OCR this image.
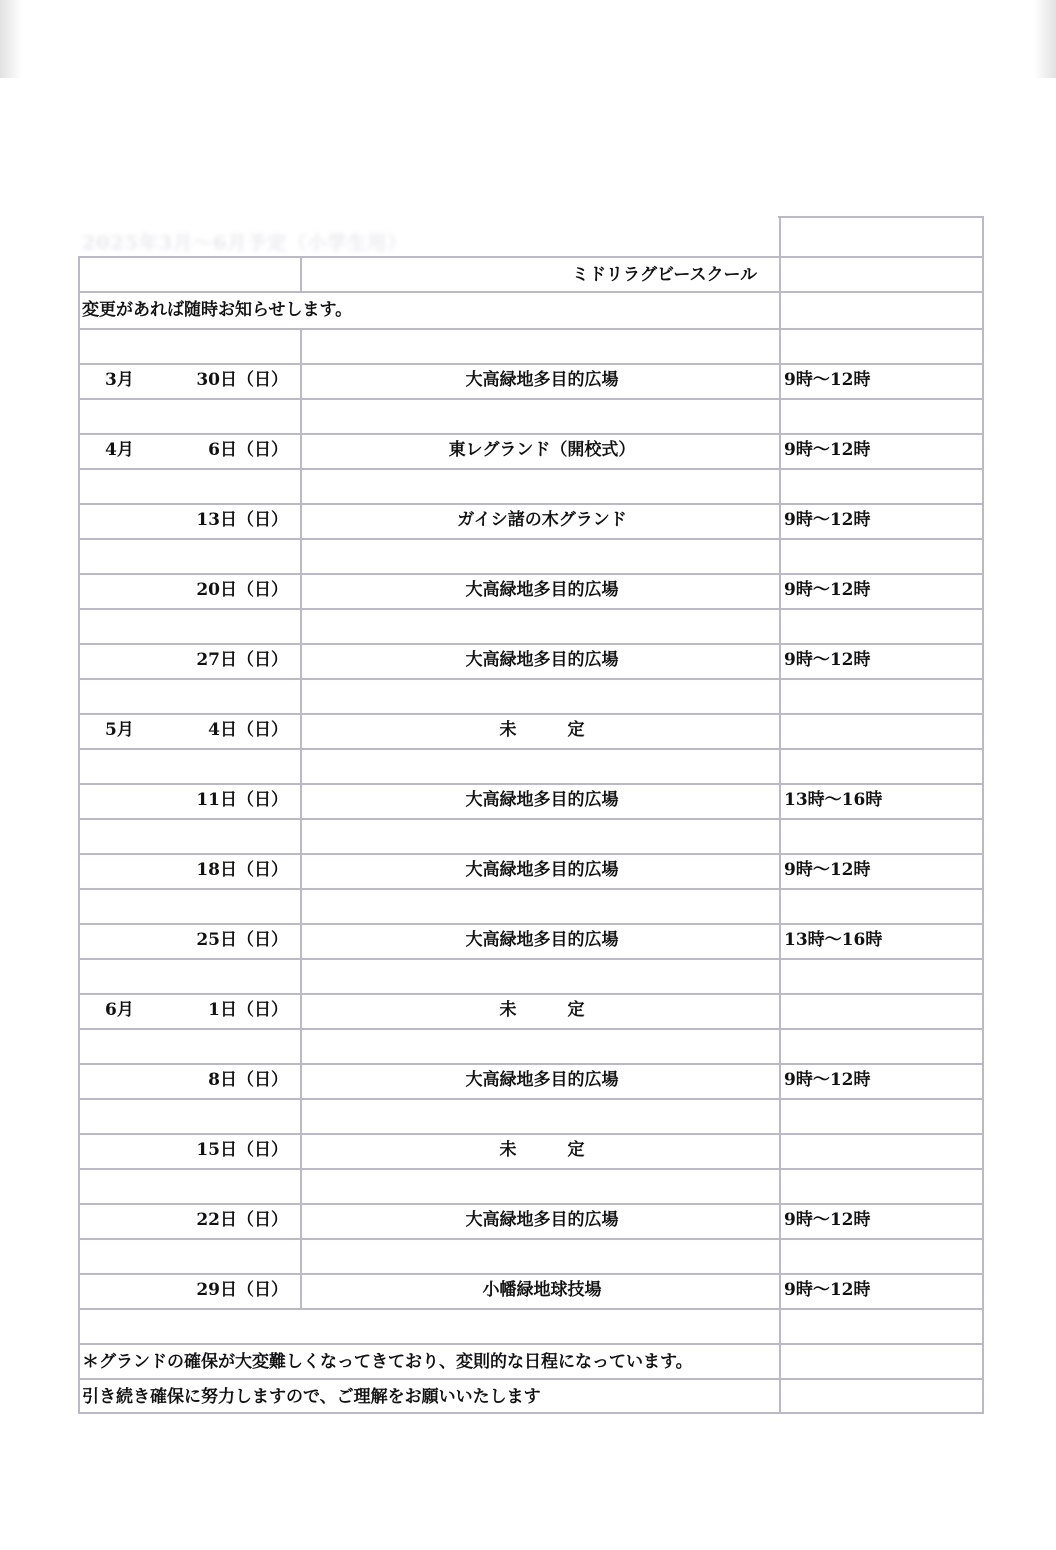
2025年3月〜6月予定（小学生用）
ミドリラグビースクール
変更があれば随時お知らせします。
3月	30日（日）	大高緑地多目的広場	9時〜12時
4月	6日（日）	東レグランド（開校式）	9時〜12時
13日（日）	ガイシ諸の木グランド	9時〜12時
20日（日）	大高緑地多目的広場	9時〜12時
27日（日）	大高緑地多目的広場	9時〜12時
5月	4日（日）	未　　　定
11日（日）	大高緑地多目的広場	13時〜16時
18日（日）	大高緑地多目的広場	9時〜12時
25日（日）	大高緑地多目的広場	13時〜16時
6月	1日（日）	未　　　定
8日（日）	大高緑地多目的広場	9時〜12時
15日（日）	未　　　定
22日（日）	大高緑地多目的広場	9時〜12時
29日（日）	小幡緑地球技場	9時〜12時
＊グランドの確保が大変難しくなってきており、変則的な日程になっています。
引き続き確保に努力しますので、ご理解をお願いいたします
